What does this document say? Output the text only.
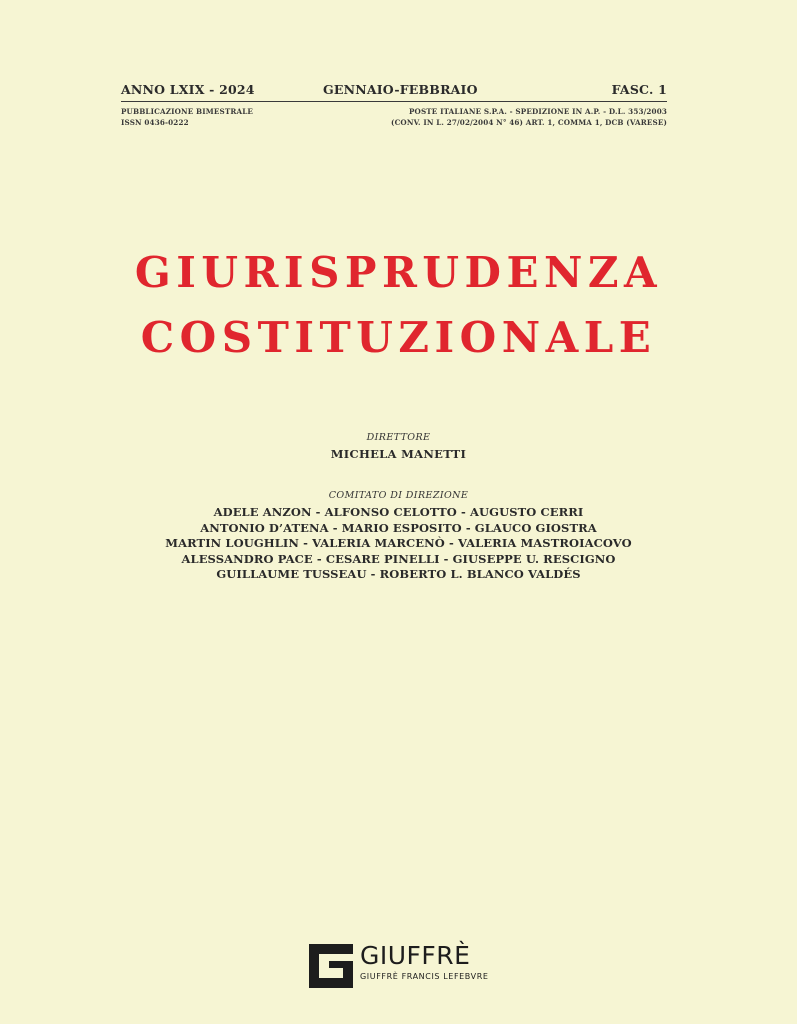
ANNO LXIX - 2024	GENNAIO-FEBBRAIO	FASC. 1
PUBBLICAZIONE BIMESTRALE
ISSN 0436-0222
POSTE ITALIANE S.P.A. - SPEDIZIONE IN A.P. - D.L. 353/2003
(CONV. IN L. 27/02/2004 N° 46) ART. 1, COMMA 1, DCB (VARESE)
GIURISPRUDENZA
COSTITUZIONALE
DIRETTORE
MICHELA MANETTI
COMITATO DI DIREZIONE
ADELE ANZON - ALFONSO CELOTTO - AUGUSTO CERRI
ANTONIO D’ATENA - MARIO ESPOSITO - GLAUCO GIOSTRA
MARTIN LOUGHLIN - VALERIA MARCENÒ - VALERIA MASTROIACOVO
ALESSANDRO PACE - CESARE PINELLI - GIUSEPPE U. RESCIGNO
GUILLAUME TUSSEAU - ROBERTO L. BLANCO VALDÉS
GIUFFRÈ
GIUFFRÈ FRANCIS LEFEBVRE
